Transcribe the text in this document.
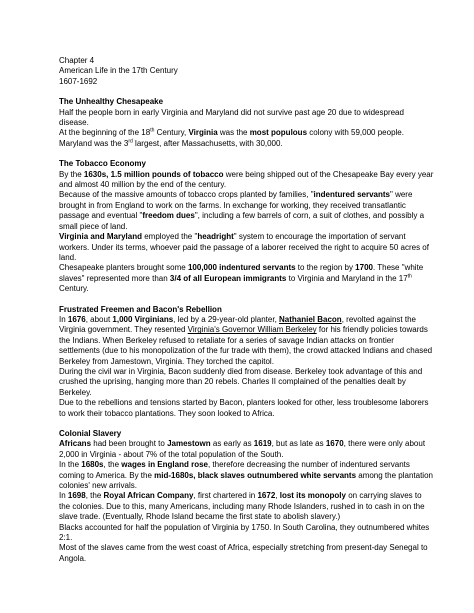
Chapter 4
American Life in the 17th Century
1607-1692
The Unhealthy Chesapeake
Half the people born in early Virginia and Maryland did not survive past age 20 due to widespread disease.
At the beginning of the 18th Century, Virginia was the most populous colony with 59,000 people. Maryland was the 3rd largest, after Massachusetts, with 30,000.
The Tobacco Economy
By the 1630s, 1.5 million pounds of tobacco were being shipped out of the Chesapeake Bay every year and almost 40 million by the end of the century.
Because of the massive amounts of tobacco crops planted by families, "indentured servants" were brought in from England to work on the farms. In exchange for working, they received transatlantic passage and eventual "freedom dues", including a few barrels of corn, a suit of clothes, and possibly a small piece of land.
Virginia and Maryland employed the "headright" system to encourage the importation of servant workers. Under its terms, whoever paid the passage of a laborer received the right to acquire 50 acres of land.
Chesapeake planters brought some 100,000 indentured servants to the region by 1700. These "white slaves" represented more than 3/4 of all European immigrants to Virginia and Maryland in the 17th Century.
Frustrated Freemen and Bacon's Rebellion
In 1676, about 1,000 Virginians, led by a 29-year-old planter, Nathaniel Bacon, revolted against the Virginia government. They resented Virginia's Governor William Berkeley for his friendly policies towards the Indians. When Berkeley refused to retaliate for a series of savage Indian attacks on frontier settlements (due to his monopolization of the fur trade with them), the crowd attacked Indians and chased Berkeley from Jamestown, Virginia. They torched the capitol.
During the civil war in Virginia, Bacon suddenly died from disease. Berkeley took advantage of this and crushed the uprising, hanging more than 20 rebels. Charles II complained of the penalties dealt by Berkeley.
Due to the rebellions and tensions started by Bacon, planters looked for other, less troublesome laborers to work their tobacco plantations. They soon looked to Africa.
Colonial Slavery
Africans had been brought to Jamestown as early as 1619, but as late as 1670, there were only about 2,000 in Virginia - about 7% of the total population of the South.
In the 1680s, the wages in England rose, therefore decreasing the number of indentured servants coming to America. By the mid-1680s, black slaves outnumbered white servants among the plantation colonies' new arrivals.
In 1698, the Royal African Company, first chartered in 1672, lost its monopoly on carrying slaves to the colonies. Due to this, many Americans, including many Rhode Islanders, rushed in to cash in on the slave trade. (Eventually, Rhode Island became the first state to abolish slavery.)
Blacks accounted for half the population of Virginia by 1750. In South Carolina, they outnumbered whites 2:1.
Most of the slaves came from the west coast of Africa, especially stretching from present-day Senegal to Angola.
